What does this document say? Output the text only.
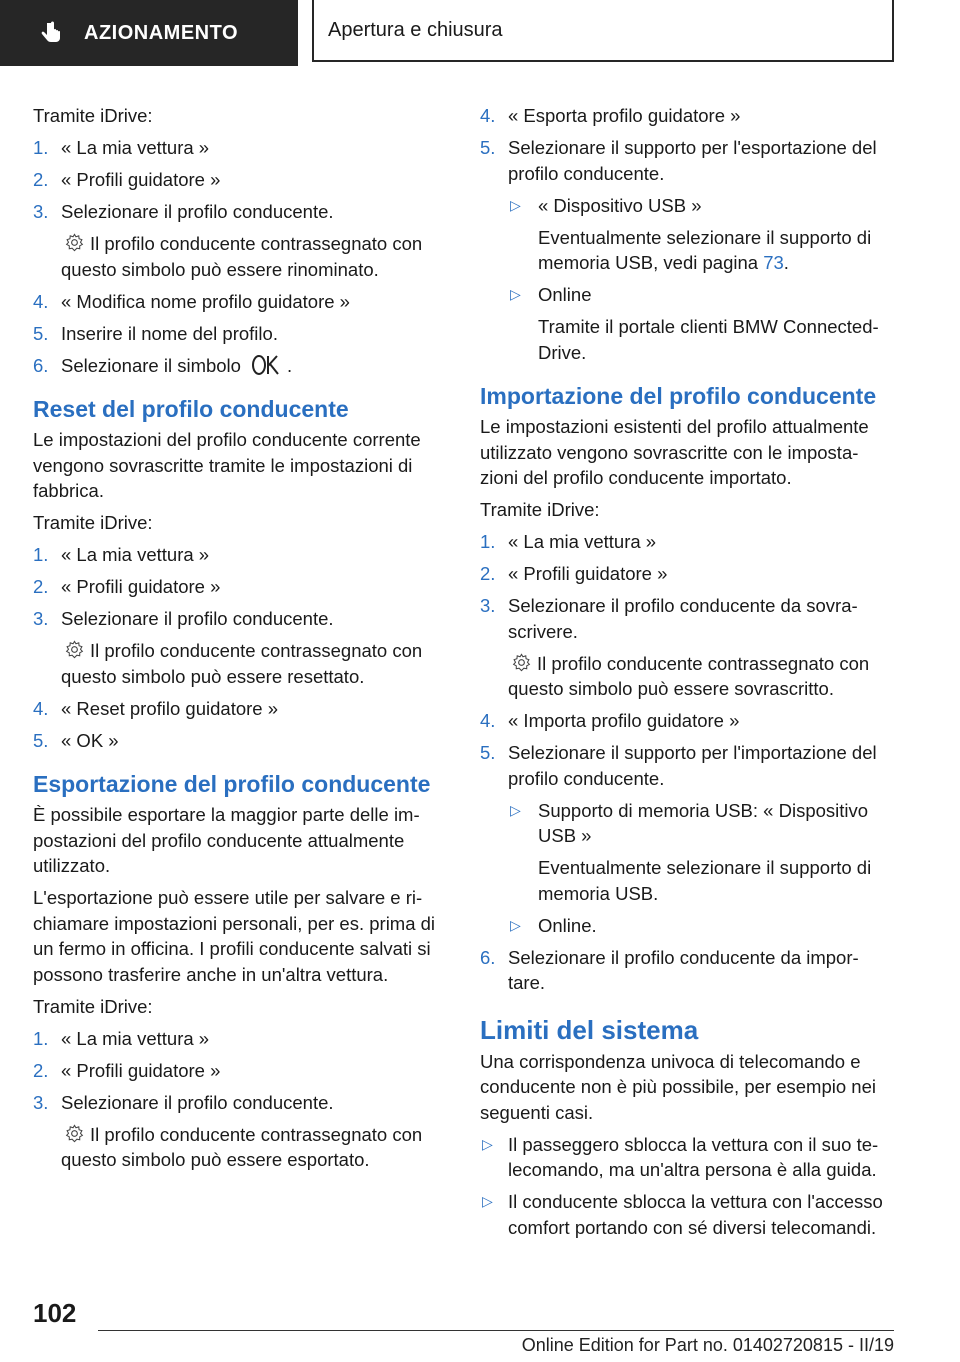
AZIONAMENTO	Apertura e chiusura

Tramite iDrive:

1. « La mia vettura »
2. « Profili guidatore »
3. Selezionare il profilo conducente.
Il profilo conducente contrassegnato con questo simbolo può essere rinominato.
4. « Modifica nome profilo guidatore »
5. Inserire il nome del profilo.
6. Selezionare il simbolo .
Reset del profilo conducente

Le impostazioni del profilo conducente corrente vengono sovrascritte tramite le impostazioni di fabbrica.

Tramite iDrive:

1. « La mia vettura »
2. « Profili guidatore »
3. Selezionare il profilo conducente.
Il profilo conducente contrassegnato con questo simbolo può essere resettato.
4. « Reset profilo guidatore »
5. « OK »
Esportazione del profilo conducente

È possibile esportare la maggior parte delle im- postazioni del profilo conducente attualmente utilizzato.

L'esportazione può essere utile per salvare e ri- chiamare impostazioni personali, per es. prima di un fermo in officina. I profili conducente salvati si possono trasferire anche in un'altra vettura.

Tramite iDrive:

1. « La mia vettura »
2. « Profili guidatore »
3. Selezionare il profilo conducente.
Il profilo conducente contrassegnato con questo simbolo può essere esportato.
4. « Esporta profilo guidatore »
5. Selezionare il supporto per l'esportazione del profilo conducente.
▷ « Dispositivo USB »
Eventualmente selezionare il supporto di memoria USB, vedi pagina 73.
▷ Online
Tramite il portale clienti BMW Connected- Drive.
Importazione del profilo conducente

Le impostazioni esistenti del profilo attualmente utilizzato vengono sovrascritte con le imposta- zioni del profilo conducente importato.

Tramite iDrive:

1. « La mia vettura »
2. « Profili guidatore »
3. Selezionare il profilo conducente da sovra- scrivere.
Il profilo conducente contrassegnato con questo simbolo può essere sovrascritto.
4. « Importa profilo guidatore »
5. Selezionare il supporto per l'importazione del profilo conducente.
▷ Supporto di memoria USB: « Dispositivo USB »
Eventualmente selezionare il supporto di memoria USB.
▷ Online.
6. Selezionare il profilo conducente da impor- tare.
Limiti del sistema

Una corrispondenza univoca di telecomando e conducente non è più possibile, per esempio nei seguenti casi.

▷ Il passeggero sblocca la vettura con il suo te- lecomando, ma un'altra persona è alla guida.
▷ Il conducente sblocca la vettura con l'accesso comfort portando con sé diversi telecomandi.
102
Online Edition for Part no. 01402720815 - II/19
